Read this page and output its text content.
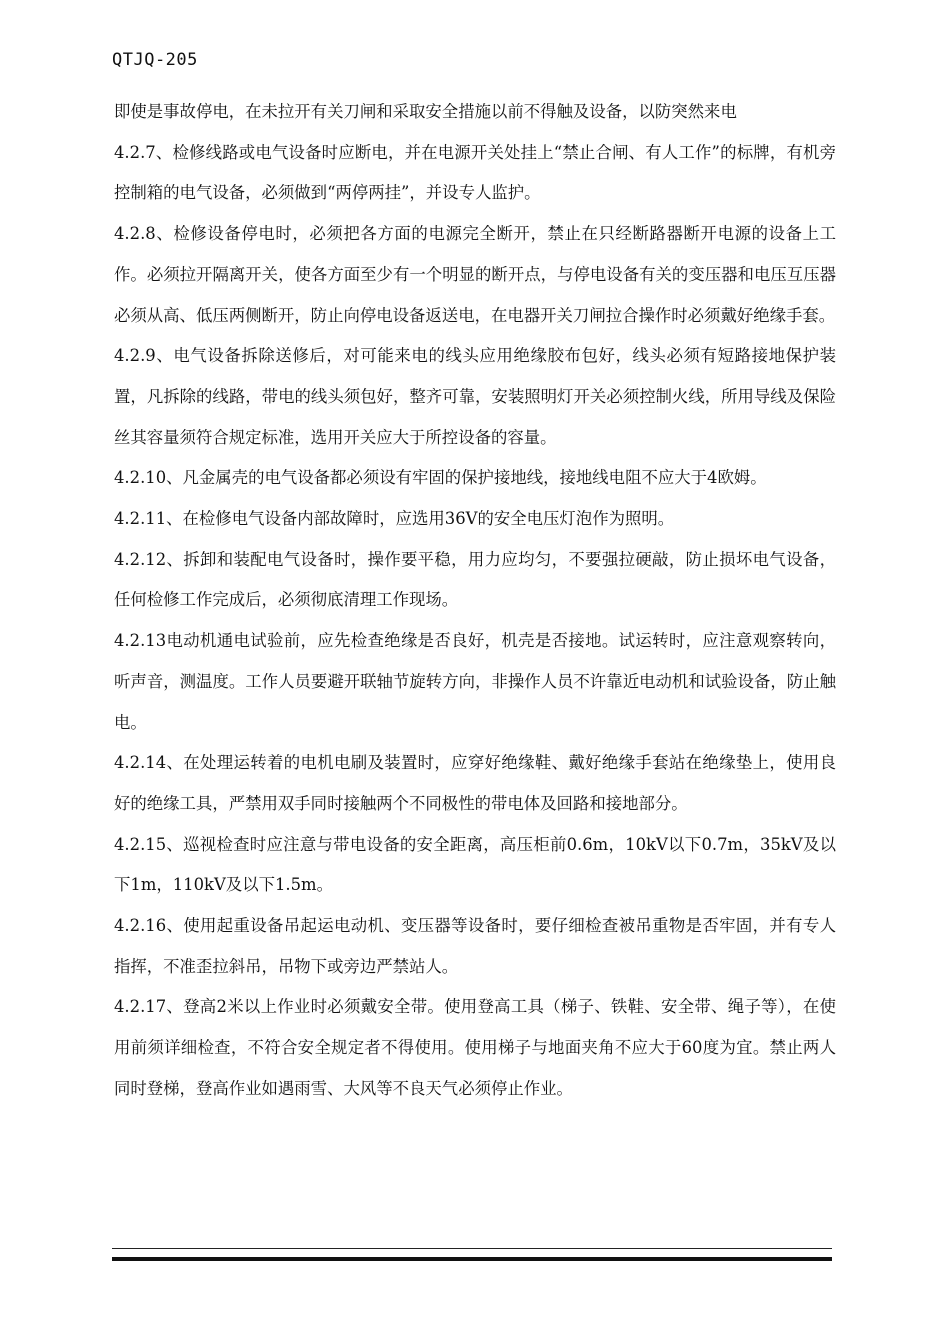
QTJQ-205

即使是事故停电，在未拉开有关刀闸和采取安全措施以前不得触及设备，以防突然来电

4.2.7、检修线路或电气设备时应断电，并在电源开关处挂上“禁止合闸、有人工作”的标牌，有机旁控制箱的电气设备，必须做到“两停两挂”，并设专人监护。

4.2.8、检修设备停电时，必须把各方面的电源完全断开，禁止在只经断路器断开电源的设备上工作。必须拉开隔离开关，使各方面至少有一个明显的断开点，与停电设备有关的变压器和电压互压器必须从高、低压两侧断开，防止向停电设备返送电，在电器开关刀闸拉合操作时必须戴好绝缘手套。

4.2.9、电气设备拆除送修后，对可能来电的线头应用绝缘胶布包好，线头必须有短路接地保护装置，凡拆除的线路，带电的线头须包好，整齐可靠，安装照明灯开关必须控制火线，所用导线及保险丝其容量须符合规定标准，选用开关应大于所控设备的容量。

4.2.10、凡金属壳的电气设备都必须设有牢固的保护接地线，接地线电阻不应大于4欧姆。

4.2.11、在检修电气设备内部故障时，应选用36V的安全电压灯泡作为照明。

4.2.12、拆卸和装配电气设备时，操作要平稳，用力应均匀，不要强拉硬敲，防止损坏电气设备，任何检修工作完成后，必须彻底清理工作现场。

4.2.13电动机通电试验前，应先检查绝缘是否良好，机壳是否接地。试运转时，应注意观察转向，听声音，测温度。工作人员要避开联轴节旋转方向，非操作人员不许靠近电动机和试验设备，防止触电。

4.2.14、在处理运转着的电机电刷及装置时，应穿好绝缘鞋、戴好绝缘手套站在绝缘垫上，使用良好的绝缘工具，严禁用双手同时接触两个不同极性的带电体及回路和接地部分。

4.2.15、巡视检查时应注意与带电设备的安全距离，高压柜前0.6m，10kV以下0.7m，35kV及以下1m，110kV及以下1.5m。

4.2.16、使用起重设备吊起运电动机、变压器等设备时，要仔细检查被吊重物是否牢固，并有专人指挥，不准歪拉斜吊，吊物下或旁边严禁站人。

4.2.17、登高2米以上作业时必须戴安全带。使用登高工具（梯子、铁鞋、安全带、绳子等），在使用前须详细检查，不符合安全规定者不得使用。使用梯子与地面夹角不应大于60度为宜。禁止两人同时登梯，登高作业如遇雨雪、大风等不良天气必须停止作业。
